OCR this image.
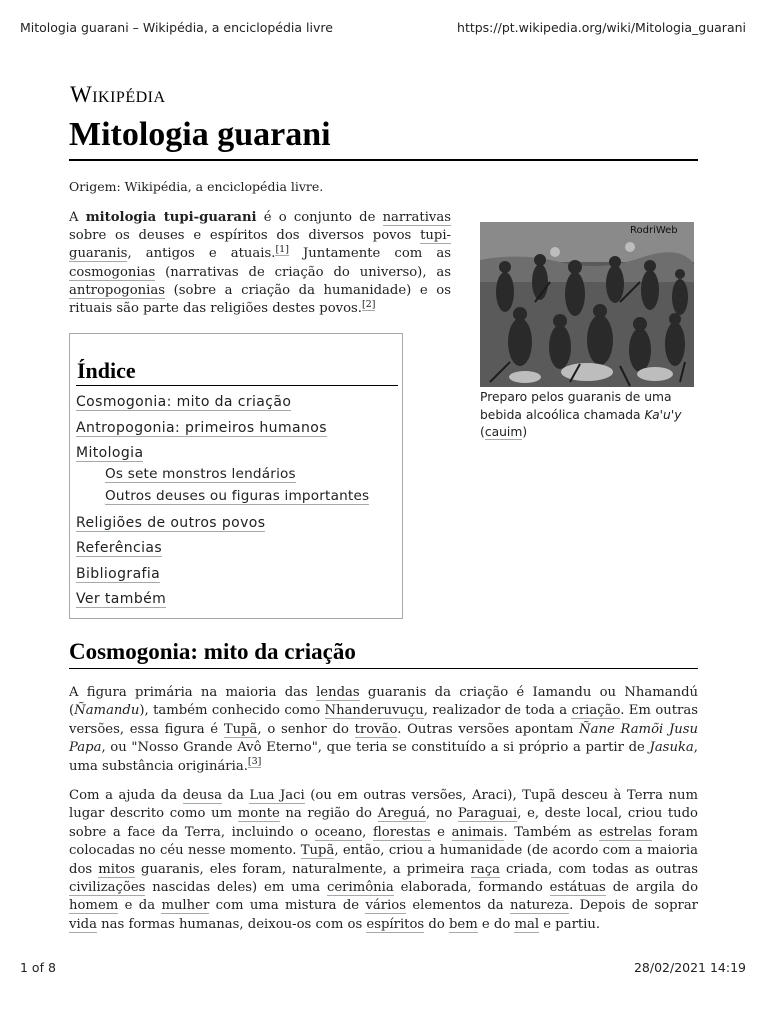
Mitologia guarani – Wikipédia, a enciclopédia livre	https://pt.wikipedia.org/wiki/Mitologia_guarani
Wikipédia
Mitologia guarani
Origem: Wikipédia, a enciclopédia livre.

A mitologia tupi-guarani é o conjunto de narrativas sobre os deuses e espíritos dos diversos povos tupi-guaranis, antigos e atuais.[1] Juntamente com as cosmogonias (narrativas de criação do universo), as antropogonias (sobre a criação da humanidade) e os rituais são parte das religiões destes povos.[2]

RodriWeb
Preparo pelos guaranis de uma bebida alcoólica chamada Ka'u'y (cauim)
Índice
Cosmogonia: mito da criação
Antropogonia: primeiros humanos
Mitologia
Os sete monstros lendários
Outros deuses ou figuras importantes
Religiões de outros povos
Referências
Bibliografia
Ver também
Cosmogonia: mito da criação

A figura primária na maioria das lendas guaranis da criação é Iamandu ou Nhamandú (Ñamandu), também conhecido como Nhanderuvuçu, realizador de toda a criação. Em outras versões, essa figura é Tupã, o senhor do trovão. Outras versões apontam Ñane Ramõi Jusu Papa, ou "Nosso Grande Avô Eterno", que teria se constituído a si próprio a partir de Jasuka, uma substância originária.[3]

Com a ajuda da deusa da Lua Jaci (ou em outras versões, Araci), Tupã desceu à Terra num lugar descrito como um monte na região do Areguá, no Paraguai, e, deste local, criou tudo sobre a face da Terra, incluindo o oceano, florestas e animais. Também as estrelas foram colocadas no céu nesse momento. Tupã, então, criou a humanidade (de acordo com a maioria dos mitos guaranis, eles foram, naturalmente, a primeira raça criada, com todas as outras civilizações nascidas deles) em uma cerimônia elaborada, formando estátuas de argila do homem e da mulher com uma mistura de vários elementos da natureza. Depois de soprar vida nas formas humanas, deixou-os com os espíritos do bem e do mal e partiu.

1 of 8	28/02/2021 14:19
